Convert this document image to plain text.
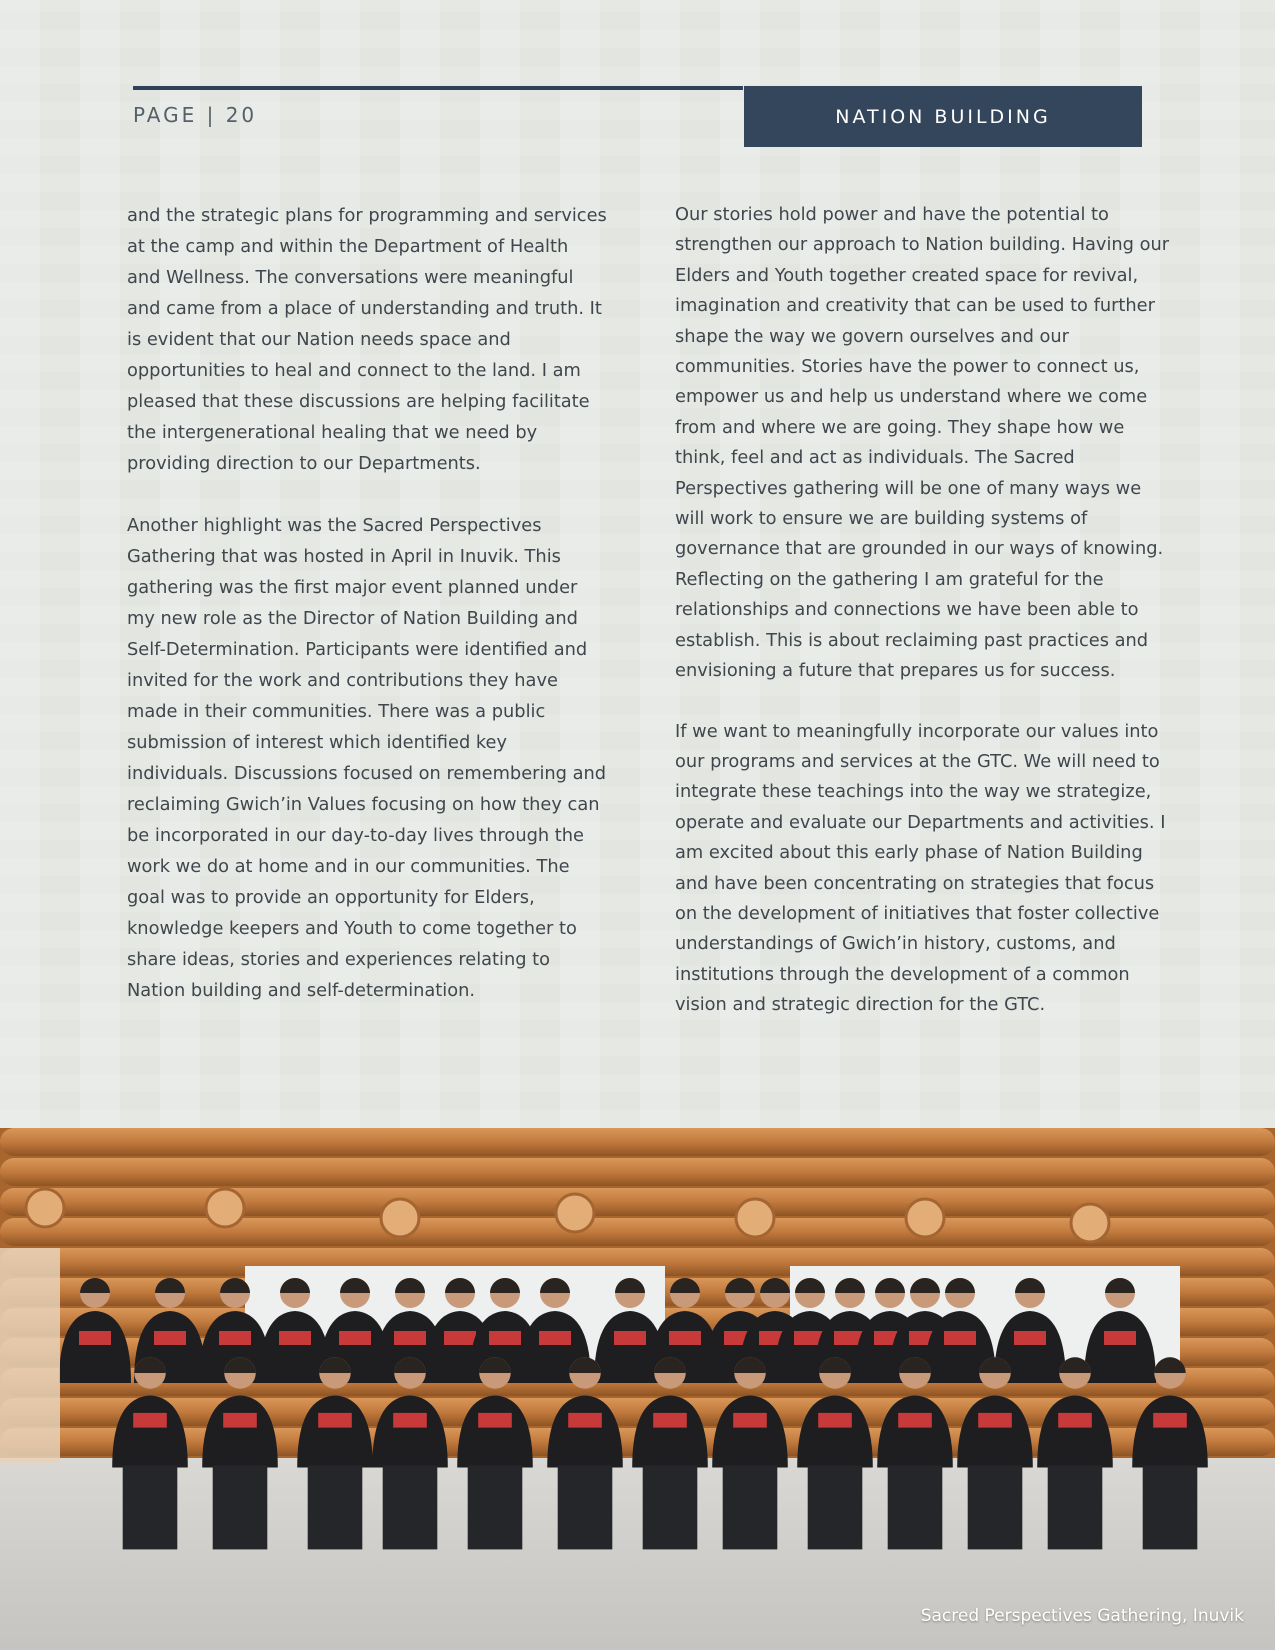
PAGE | 20	NATION BUILDING

and the strategic plans for programming and services at the camp and within the Department of Health and Wellness. The conversations were meaningful and came from a place of understanding and truth. It is evident that our Nation needs space and opportunities to heal and connect to the land. I am pleased that these discussions are helping facilitate the intergenerational healing that we need by providing direction to our Departments.

Another highlight was the Sacred Perspectives Gathering that was hosted in April in Inuvik. This gathering was the first major event planned under my new role as the Director of Nation Building and Self-Determination. Participants were identified and invited for the work and contributions they have made in their communities. There was a public submission of interest which identified key individuals. Discussions focused on remembering and reclaiming Gwich’in Values focusing on how they can be incorporated in our day-to-day lives through the work we do at home and in our communities. The goal was to provide an opportunity for Elders, knowledge keepers and Youth to come together to share ideas, stories and experiences relating to Nation building and self-determination.

Our stories hold power and have the potential to strengthen our approach to Nation building. Having our Elders and Youth together created space for revival, imagination and creativity that can be used to further shape the way we govern ourselves and our communities. Stories have the power to connect us, empower us and help us understand where we come from and where we are going. They shape how we think, feel and act as individuals. The Sacred Perspectives gathering will be one of many ways we will work to ensure we are building systems of governance that are grounded in our ways of knowing. Reflecting on the gathering I am grateful for the relationships and connections we have been able to establish. This is about reclaiming past practices and envisioning a future that prepares us for success.

If we want to meaningfully incorporate our values into our programs and services at the GTC. We will need to integrate these teachings into the way we strategize, operate and evaluate our Departments and activities. I am excited about this early phase of Nation Building and have been concentrating on strategies that focus on the development of initiatives that foster collective understandings of Gwich’in history, customs, and institutions through the development of a common vision and strategic direction for the GTC.

Sacred Perspectives Gathering, Inuvik
